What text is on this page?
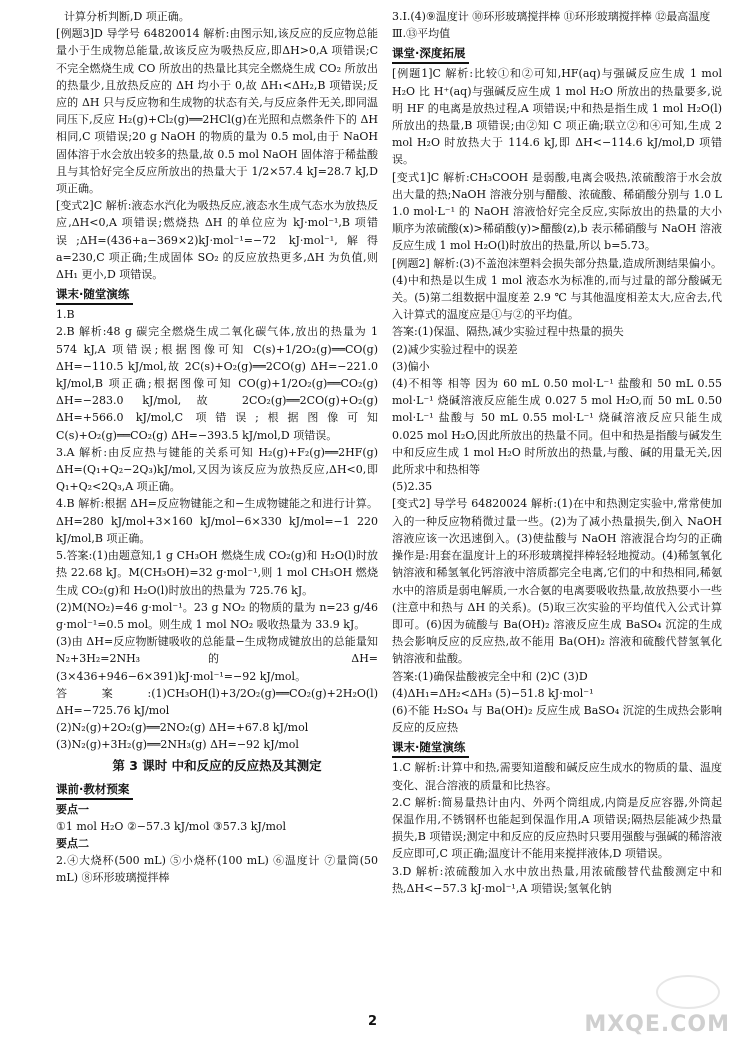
计算分析判断,D 项正确。

[例题3]D 导学号 64820014 解析:由图示知,该反应的反应物总能量小于生成物总能量,故该反应为吸热反应,即ΔH>0,A 项错误;C 不完全燃烧生成 CO 所放出的热量比其完全燃烧生成 CO₂ 所放出的热量少,且放热反应的 ΔH 均小于 0,故 ΔH₁<ΔH₂,B 项错误;反应的 ΔH 只与反应物和生成物的状态有关,与反应条件无关,即同温同压下,反应 H₂(g)+Cl₂(g)══2HCl(g)在光照和点燃条件下的 ΔH 相同,C 项错误;20 g NaOH 的物质的量为 0.5 mol,由于 NaOH 固体溶于水会放出较多的热量,故 0.5 mol NaOH 固体溶于稀盐酸且与其恰好完全反应所放出的热量大于 1/2×57.4 kJ=28.7 kJ,D 项正确。

[变式2]C 解析:液态水汽化为吸热反应,液态水生成气态水为放热反应,ΔH<0,A 项错误;燃烧热 ΔH 的单位应为 kJ·mol⁻¹,B 项错误;ΔH=(436+a−369×2)kJ·mol⁻¹=−72 kJ·mol⁻¹,解得 a=230,C 项正确;生成固体 SO₂ 的反应放热更多,ΔH 为负值,则 ΔH₁ 更小,D 项错误。

课末·随堂演练

1.B

2.B 解析:48 g 碳完全燃烧生成二氧化碳气体,放出的热量为 1 574 kJ,A 项错误;根据图像可知 C(s)+1/2O₂(g)══CO(g) ΔH=−110.5 kJ/mol,故 2C(s)+O₂(g)══2CO(g) ΔH=−221.0 kJ/mol,B 项正确;根据图像可知 CO(g)+1/2O₂(g)══CO₂(g) ΔH=−283.0 kJ/mol,故 2CO₂(g)══2CO(g)+O₂(g) ΔH=+566.0 kJ/mol,C 项错误;根据图像可知 C(s)+O₂(g)══CO₂(g) ΔH=−393.5 kJ/mol,D 项错误。

3.A 解析:由反应热与键能的关系可知 H₂(g)+F₂(g)══2HF(g) ΔH=(Q₁+Q₂−2Q₃)kJ/mol,又因为该反应为放热反应,ΔH<0,即 Q₁+Q₂<2Q₃,A 项正确。

4.B 解析:根据 ΔH=反应物键能之和−生成物键能之和进行计算。ΔH=280 kJ/mol+3×160 kJ/mol−6×330 kJ/mol=−1 220 kJ/mol,B 项正确。

5.答案:(1)由题意知,1 g CH₃OH 燃烧生成 CO₂(g)和 H₂O(l)时放热 22.68 kJ。M(CH₃OH)=32 g·mol⁻¹,则 1 mol CH₃OH 燃烧生成 CO₂(g)和 H₂O(l)时放出的热量为 725.76 kJ。

(2)M(NO₂)=46 g·mol⁻¹。23 g NO₂ 的物质的量为 n=23 g/46 g·mol⁻¹=0.5 mol。则生成 1 mol NO₂ 吸收热量为 33.9 kJ。

(3)由 ΔH=反应物断键吸收的总能量−生成物成键放出的总能量知 N₂+3H₂=2NH₃ 的 ΔH=(3×436+946−6×391)kJ·mol⁻¹=−92 kJ/mol。

答案:(1)CH₃OH(l)+3/2O₂(g)══CO₂(g)+2H₂O(l) ΔH=−725.76 kJ/mol

(2)N₂(g)+2O₂(g)══2NO₂(g) ΔH=+67.8 kJ/mol

(3)N₂(g)+3H₂(g)══2NH₃(g) ΔH=−92 kJ/mol

第 3 课时 中和反应的反应热及其测定
课前·教材预案

要点一

①1 mol H₂O ②−57.3 kJ/mol ③57.3 kJ/mol

要点二

2.④大烧杯(500 mL) ⑤小烧杯(100 mL) ⑥温度计 ⑦量筒(50 mL) ⑧环形玻璃搅拌棒

3.Ⅰ.(4)⑨温度计 ⑩环形玻璃搅拌棒 ⑪环形玻璃搅拌棒 ⑫最高温度

Ⅲ.⑬平均值

课堂·深度拓展

[例题1]C 解析:比较①和②可知,HF(aq)与强碱反应生成 1 mol H₂O 比 H⁺(aq)与强碱反应生成 1 mol H₂O 所放出的热量要多,说明 HF 的电离是放热过程,A 项错误;中和热是指生成 1 mol H₂O(l)所放出的热量,B 项错误;由②知 C 项正确;联立②和④可知,生成 2 mol H₂O 时放热大于 114.6 kJ,即 ΔH<−114.6 kJ/mol,D 项错误。

[变式1]C 解析:CH₃COOH 是弱酸,电离会吸热,浓硫酸溶于水会放出大量的热;NaOH 溶液分别与醋酸、浓硫酸、稀硝酸分别与 1.0 L 1.0 mol·L⁻¹ 的 NaOH 溶液恰好完全反应,实际放出的热量的大小顺序为浓硫酸(x)>稀硝酸(y)>醋酸(z),b 表示稀硝酸与 NaOH 溶液反应生成 1 mol H₂O(l)时放出的热量,所以 b=5.73。

[例题2] 解析:(3)不盖泡沫塑料会损失部分热量,造成所测结果偏小。(4)中和热是以生成 1 mol 液态水为标准的,而与过量的部分酸碱无关。(5)第二组数据中温度差 2.9 ℃ 与其他温度相差太大,应舍去,代入计算式的温度应是①与②的平均值。

答案:(1)保温、隔热,减少实验过程中热量的损失

(2)减少实验过程中的误差

(3)偏小

(4)不相等 相等 因为 60 mL 0.50 mol·L⁻¹ 盐酸和 50 mL 0.55 mol·L⁻¹ 烧碱溶液反应能生成 0.027 5 mol H₂O,而 50 mL 0.50 mol·L⁻¹ 盐酸与 50 mL 0.55 mol·L⁻¹ 烧碱溶液反应只能生成 0.025 mol H₂O,因此所放出的热量不同。但中和热是指酸与碱发生中和反应生成 1 mol H₂O 时所放出的热量,与酸、碱的用量无关,因此所求中和热相等

(5)2.35

[变式2] 导学号 64820024 解析:(1)在中和热测定实验中,常常使加入的一种反应物稍微过量一些。(2)为了减小热量损失,倒入 NaOH 溶液应该一次迅速倒入。(3)使盐酸与 NaOH 溶液混合均匀的正确操作是:用套在温度计上的环形玻璃搅拌棒轻轻地搅动。(4)稀氢氧化钠溶液和稀氢氧化钙溶液中溶质都完全电离,它们的中和热相同,稀氨水中的溶质是弱电解质,一水合氨的电离要吸收热量,故放热要小一些(注意中和热与 ΔH 的关系)。(5)取三次实验的平均值代入公式计算即可。(6)因为硫酸与 Ba(OH)₂ 溶液反应生成 BaSO₄ 沉淀的生成热会影响反应的反应热,故不能用 Ba(OH)₂ 溶液和硫酸代替氢氧化钠溶液和盐酸。

答案:(1)确保盐酸被完全中和 (2)C (3)D

(4)ΔH₁=ΔH₂<ΔH₃ (5)−51.8 kJ·mol⁻¹

(6)不能 H₂SO₄ 与 Ba(OH)₂ 反应生成 BaSO₄ 沉淀的生成热会影响反应的反应热

课末·随堂演练

1.C 解析:计算中和热,需要知道酸和碱反应生成水的物质的量、温度变化、混合溶液的质量和比热容。

2.C 解析:简易量热计由内、外两个筒组成,内筒是反应容器,外筒起保温作用,不锈钢杯也能起到保温作用,A 项错误;隔热层能减少热量损失,B 项错误;测定中和反应的反应热时只要用强酸与强碱的稀溶液反应即可,C 项正确;温度计不能用来搅拌液体,D 项错误。

3.D 解析:浓硫酸加入水中放出热量,用浓硫酸替代盐酸测定中和热,ΔH<−57.3 kJ·mol⁻¹,A 项错误;氢氧化钠

2	MXQE.COM
